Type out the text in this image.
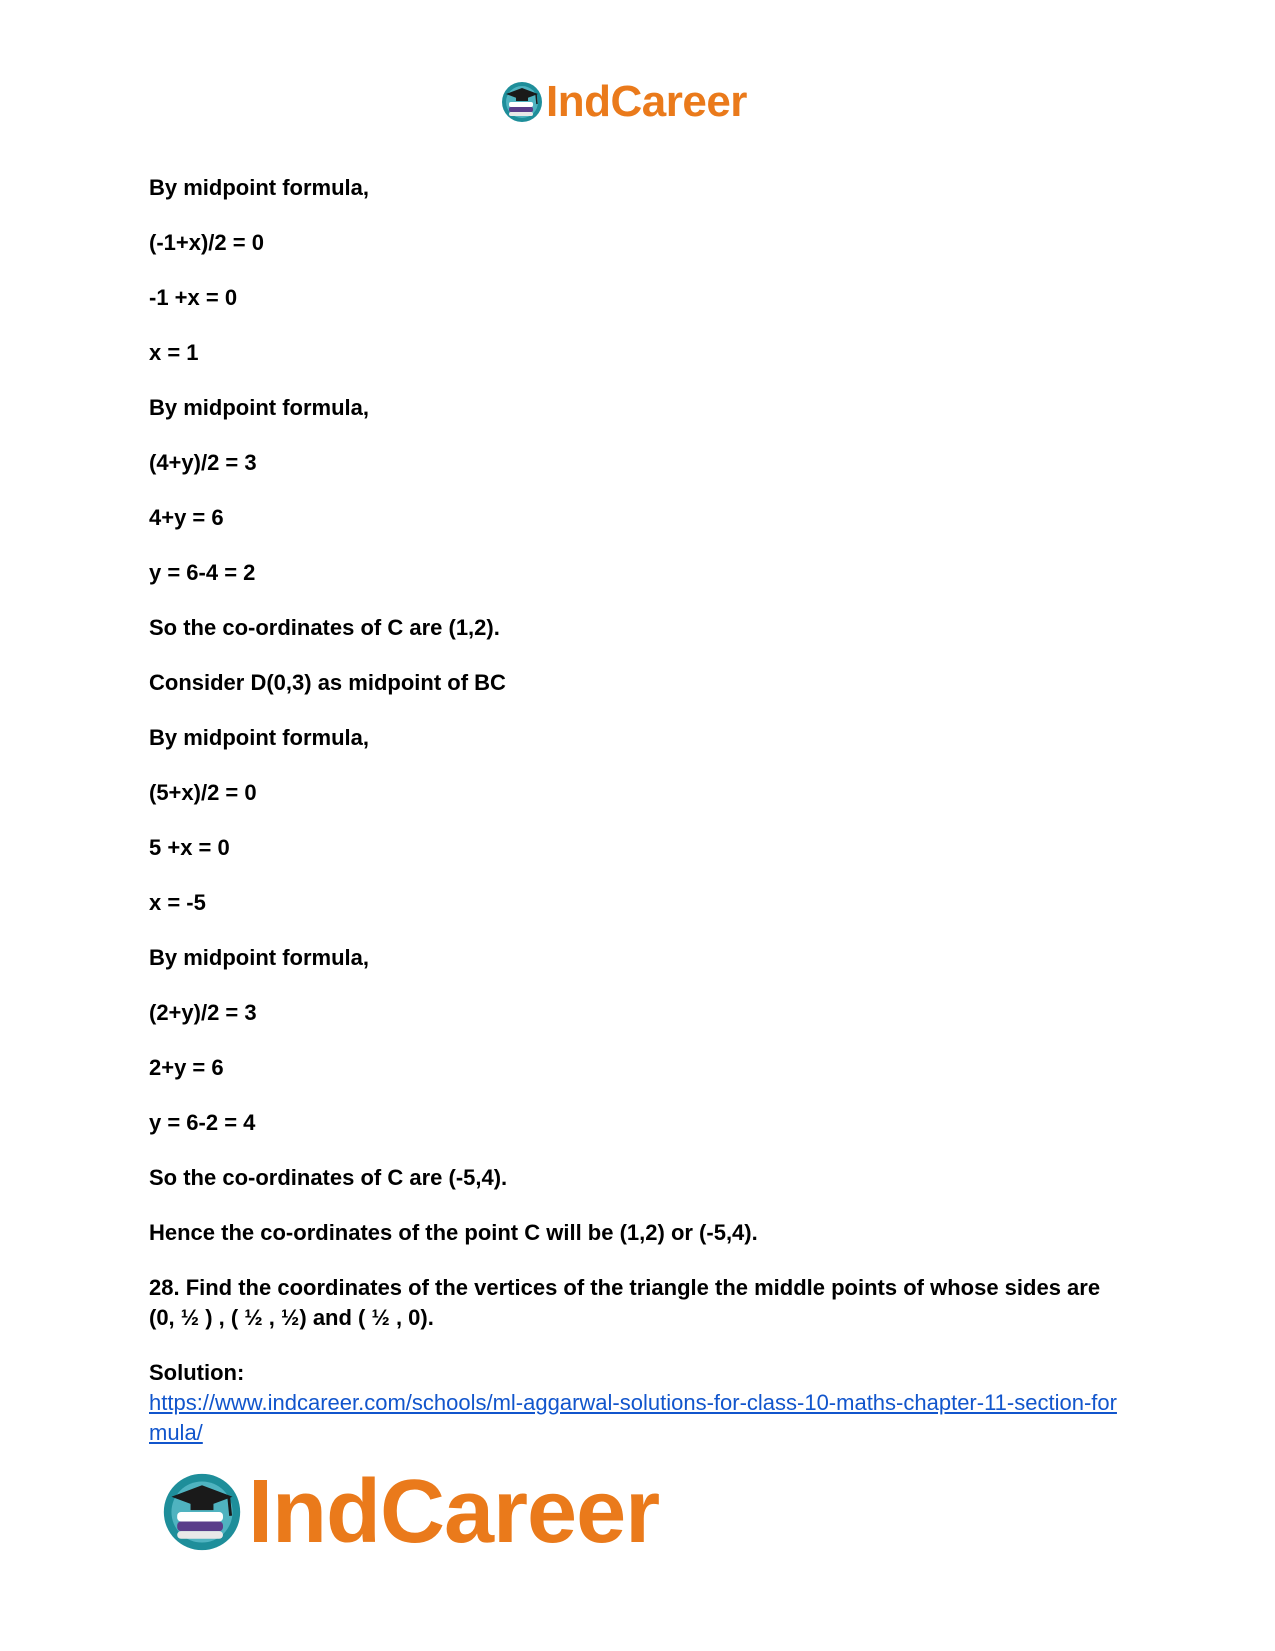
IndCareer
By midpoint formula,
(-1+x)/2 = 0
-1 +x = 0
x = 1
By midpoint formula,
(4+y)/2 = 3
4+y = 6
y = 6-4 = 2
So the co-ordinates of C are (1,2).
Consider D(0,3) as midpoint of BC
By midpoint formula,
(5+x)/2 = 0
5 +x = 0
x = -5
By midpoint formula,
(2+y)/2 = 3
2+y = 6
y = 6-2 = 4
So the co-ordinates of C are (-5,4).
Hence the co-ordinates of the point C will be (1,2) or (-5,4).
28. Find the coordinates of the vertices of the triangle the middle points of whose sides are (0, ½ ) , ( ½ , ½) and ( ½ , 0).
Solution:
https://www.indcareer.com/schools/ml-aggarwal-solutions-for-class-10-maths-chapter-11-section-formula/
IndCareer
